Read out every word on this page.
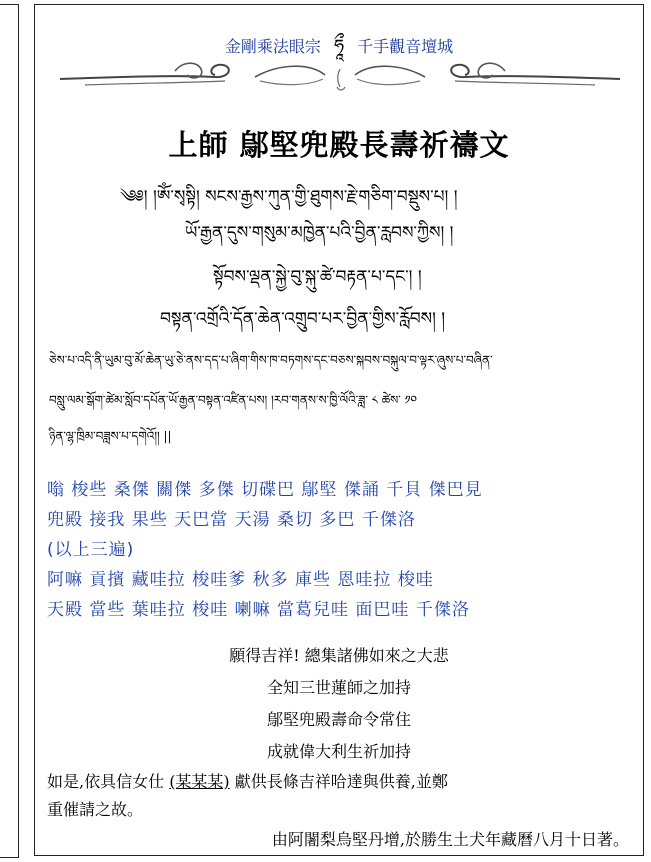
金剛乘法眼宗 ཧཱྀ 千手觀音壇城
上師 鄔堅兜殿長壽祈禱文
༄༅། །ཨོཾ་སྭསྟི། སངས་རྒྱས་ཀུན་གྱི་ཐུགས་རྗེ་གཅིག་བསྡུས་པ། །
ཡོ་རྒྱན་དུས་གསུམ་མཁྱེན་པའི་བྱིན་རླབས་ཀྱིས། །
སྟོབས་ལྡན་སྐྱེ་བུ་སྐུ་ཚེ་བརྟན་པ་དང་། །
བསྟན་འགྲོའི་དོན་ཆེན་འགྲུབ་པར་བྱིན་གྱིས་རློབས། །
ཅེས་པ་འདི་ནི་ཡུམ་བུ་མོ་ཆེན་ཡུ་ཅེ་ནས་དད་པ་ཞིག་གིས་ཁ་བཏགས་དང་བཅས་སྐབས་བསྐུལ་བ་ལྟར་ཞུས་པ་བཞིན་
བསླུ་ལམ་སྒོག་ཚེམ་སློབ་དཔོན་ཡོ་རྒྱན་བསྟན་འཛིན་པས། །རབ་གནས་ས་ཁྱི་ལོའི་ཟླ་ ༨ ཚེས་ ༡༠
ཉིན་ལྷ་ཁྲིམ་བཟླས་པ་དགེའོ།། ||
嗡 梭些 桑傑 關傑 多傑 切碟巴 鄔堅 傑誦 千貝 傑巴見
兜殿 接我 果些 天巴當 天湯 桑切 多巴 千傑洛
(以上三遍)
阿嘛 貢擯 藏哇拉 梭哇爹 秋多 庫些 恩哇拉 梭哇
天殿 當些 葉哇拉 梭哇 喇嘛 當葛兒哇 面巴哇 千傑洛
願得吉祥! 總集諸佛如來之大悲
全知三世蓮師之加持
鄔堅兜殿壽命令常住
成就偉大利生祈加持
如是,依具信女仕 (某某某) 獻供長條吉祥哈達與供養,並鄭
重催請之故。
由阿闍梨烏堅丹增,於勝生土犬年藏曆八月十日著。
